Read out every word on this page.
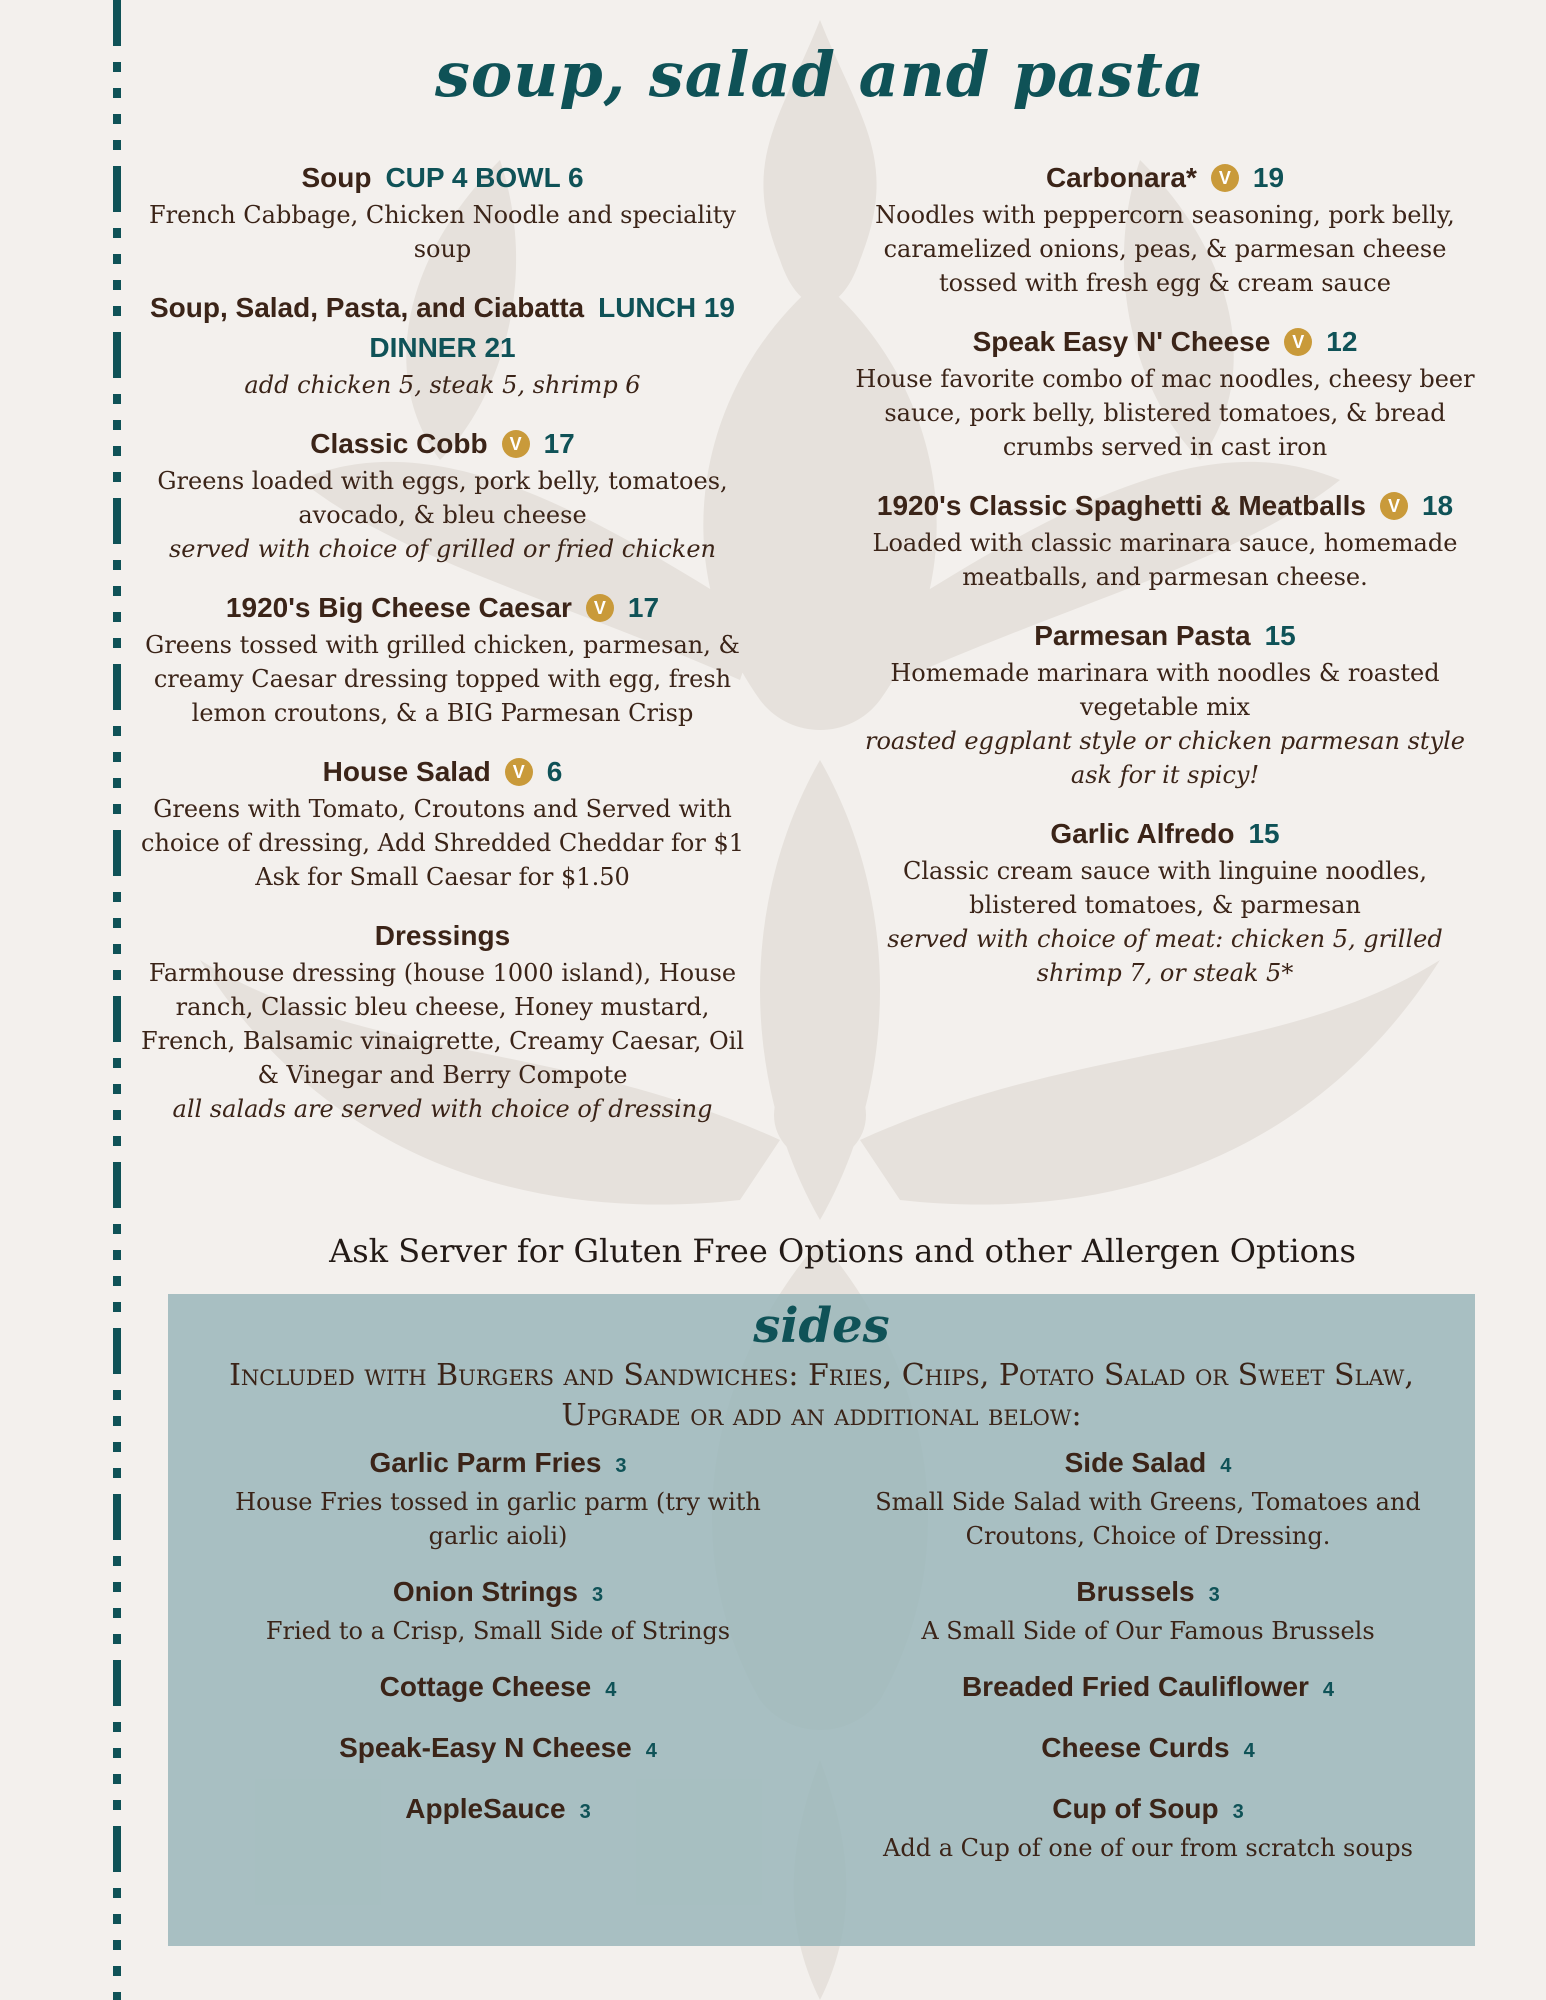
soup, salad and pasta
Soup CUP 4 BOWL 6
French Cabbage, Chicken Noodle and speciality soup
Soup, Salad, Pasta, and Ciabatta LUNCH 19 DINNER 21
add chicken 5, steak 5, shrimp 6
Classic Cobb V 17
Greens loaded with eggs, pork belly, tomatoes, avocado, & bleu cheese
served with choice of grilled or fried chicken
1920's Big Cheese Caesar V 17
Greens tossed with grilled chicken, parmesan, & creamy Caesar dressing topped with egg, fresh lemon croutons, & a BIG Parmesan Crisp
House Salad V 6
Greens with Tomato, Croutons and Served with choice of dressing, Add Shredded Cheddar for $1 Ask for Small Caesar for $1.50
Dressings
Farmhouse dressing (house 1000 island), House ranch, Classic bleu cheese, Honey mustard, French, Balsamic vinaigrette, Creamy Caesar, Oil & Vinegar and Berry Compote
all salads are served with choice of dressing
Carbonara* V 19
Noodles with peppercorn seasoning, pork belly, caramelized onions, peas, & parmesan cheese tossed with fresh egg & cream sauce
Speak Easy N' Cheese V 12
House favorite combo of mac noodles, cheesy beer sauce, pork belly, blistered tomatoes, & bread crumbs served in cast iron
1920's Classic Spaghetti & Meatballs V 18
Loaded with classic marinara sauce, homemade meatballs, and parmesan cheese.
Parmesan Pasta 15
Homemade marinara with noodles & roasted vegetable mix
roasted eggplant style or chicken parmesan style
ask for it spicy!
Garlic Alfredo 15
Classic cream sauce with linguine noodles, blistered tomatoes, & parmesan
served with choice of meat: chicken 5, grilled shrimp 7, or steak 5*
Ask Server for Gluten Free Options and other Allergen Options
sides
Included with Burgers and Sandwiches: Fries, Chips, Potato Salad or Sweet Slaw, Upgrade or add an additional below:
Garlic Parm Fries 3
House Fries tossed in garlic parm (try with garlic aioli)
Onion Strings 3
Fried to a Crisp, Small Side of Strings
Cottage Cheese 4
Speak-Easy N Cheese 4
AppleSauce 3
Side Salad 4
Small Side Salad with Greens, Tomatoes and Croutons, Choice of Dressing.
Brussels 3
A Small Side of Our Famous Brussels
Breaded Fried Cauliflower 4
Cheese Curds 4
Cup of Soup 3
Add a Cup of one of our from scratch soups
